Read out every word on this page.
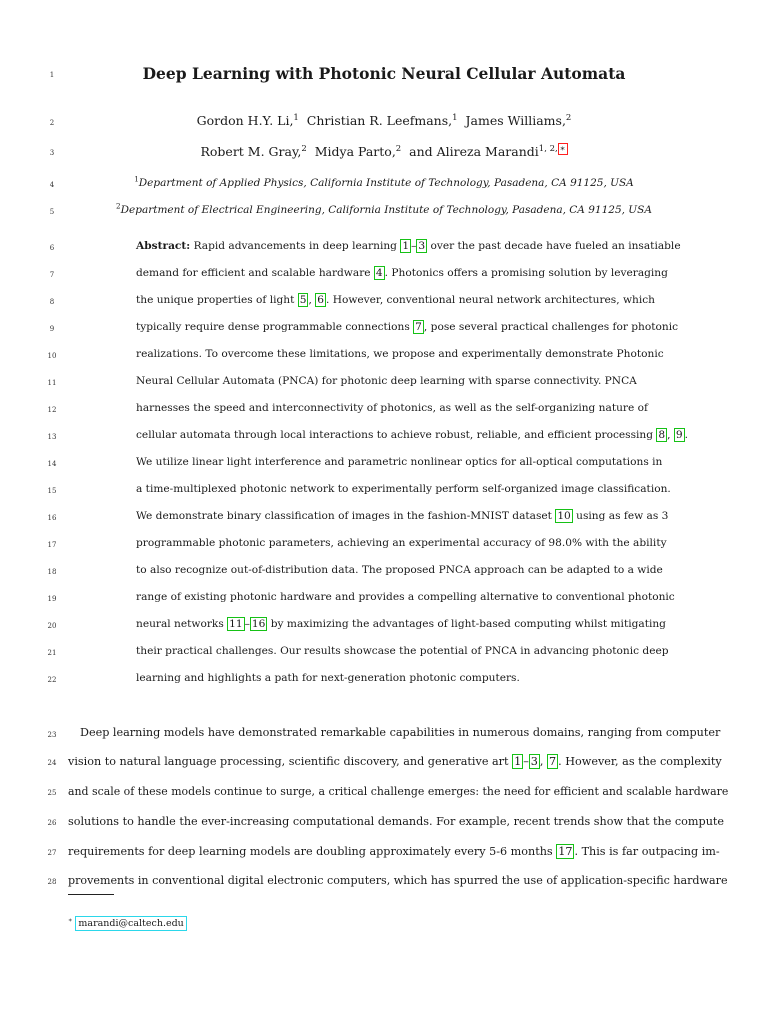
1
2
3
4
5
6
7
8
9
10
11
12
13
14
15
16
17
18
19
20
21
22
23
24
25
26
27
28
Deep Learning with Photonic Neural Cellular Automata
Gordon H.Y. Li,$^1$ Christian R. Leefmans,$^1$ James Williams,$^2$
Robert M. Gray,$^2$ Midya Parto,$^2$ and Alireza Marandi$^{1, 2, ∗}$
$^1$Department of Applied Physics, California Institute of Technology, Pasadena, CA 91125, USA
$^2$Department of Electrical Engineering, California Institute of Technology, Pasadena, CA 91125, USA
Abstract: Rapid advancements in deep learning 1 – 3 over the past decade have fueled an insatiable
demand for efficient and scalable hardware 4 . Photonics offers a promising solution by leveraging
the unique properties of light 5 , 6 . However, conventional neural network architectures, which
typically require dense programmable connections 7 , pose several practical challenges for photonic
realizations. To overcome these limitations, we propose and experimentally demonstrate Photonic
Neural Cellular Automata (PNCA) for photonic deep learning with sparse connectivity. PNCA
harnesses the speed and interconnectivity of photonics, as well as the self-organizing nature of
cellular automata through local interactions to achieve robust, reliable, and efficient processing 8 , 9 .
We utilize linear light interference and parametric nonlinear optics for all-optical computations in
a time-multiplexed photonic network to experimentally perform self-organized image classification.
We demonstrate binary classification of images in the fashion-MNIST dataset 10 using as few as 3
programmable photonic parameters, achieving an experimental accuracy of 98.0% with the ability
to also recognize out-of-distribution data. The proposed PNCA approach can be adapted to a wide
range of existing photonic hardware and provides a compelling alternative to conventional photonic
neural networks 11 – 16 by maximizing the advantages of light-based computing whilst mitigating
their practical challenges. Our results showcase the potential of PNCA in advancing photonic deep
learning and highlights a path for next-generation photonic computers.
Deep learning models have demonstrated remarkable capabilities in numerous domains, ranging from computer
vision to natural language processing, scientific discovery, and generative art 1 – 3 , 7 . However, as the complexity
and scale of these models continue to surge, a critical challenge emerges: the need for efficient and scalable hardware
solutions to handle the ever-increasing computational demands. For example, recent trends show that the compute
requirements for deep learning models are doubling approximately every 5-6 months 17 . This is far outpacing im-
provements in conventional digital electronic computers, which has spurred the use of application-specific hardware
∗ marandi@caltech.edu
